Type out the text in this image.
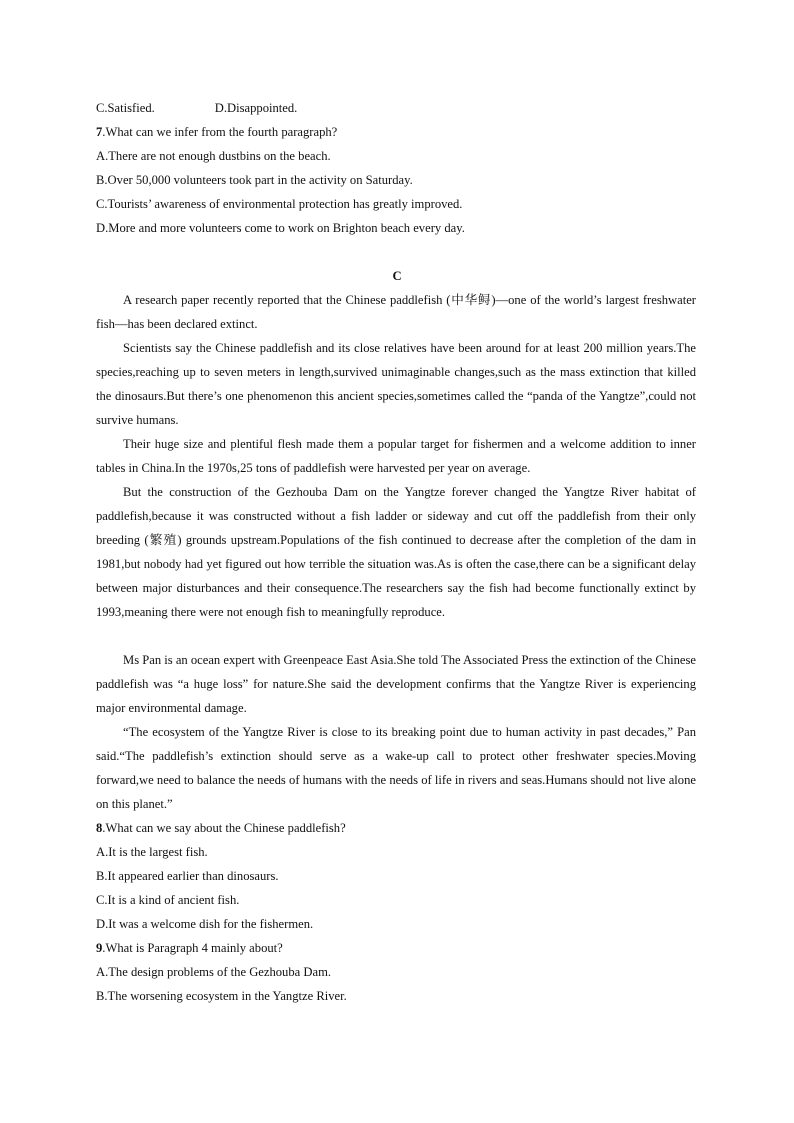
C.Satisfied.	D.Disappointed.
7.What can we infer from the fourth paragraph?
A.There are not enough dustbins on the beach.
B.Over 50,000 volunteers took part in the activity on Saturday.
C.Tourists’ awareness of environmental protection has greatly improved.
D.More and more volunteers come to work on Brighton beach every day.
C
A research paper recently reported that the Chinese paddlefish (中华鲟)—one of the world’s largest freshwater fish—has been declared extinct.
Scientists say the Chinese paddlefish and its close relatives have been around for at least 200 million years.The species,reaching up to seven meters in length,survived unimaginable changes,such as the mass extinction that killed the dinosaurs.But there’s one phenomenon this ancient species,sometimes called the “panda of the Yangtze”,could not survive humans.
Their huge size and plentiful flesh made them a popular target for fishermen and a welcome addition to inner tables in China.In the 1970s,25 tons of paddlefish were harvested per year on average.
But the construction of the Gezhouba Dam on the Yangtze forever changed the Yangtze River habitat of paddlefish,because it was constructed without a fish ladder or sideway and cut off the paddlefish from their only breeding (繁殖) grounds upstream.Populations of the fish continued to decrease after the completion of the dam in 1981,but nobody had yet figured out how terrible the situation was.As is often the case,there can be a significant delay between major disturbances and their consequence.The researchers say the fish had become functionally extinct by 1993,meaning there were not enough fish to meaningfully reproduce.
Ms Pan is an ocean expert with Greenpeace East Asia.She told The Associated Press the extinction of the Chinese paddlefish was “a huge loss” for nature.She said the development confirms that the Yangtze River is experiencing major environmental damage.
“The ecosystem of the Yangtze River is close to its breaking point due to human activity in past decades,” Pan said.“The paddlefish’s extinction should serve as a wake-up call to protect other freshwater species.Moving forward,we need to balance the needs of humans with the needs of life in rivers and seas.Humans should not live alone on this planet.”
8.What can we say about the Chinese paddlefish?
A.It is the largest fish.
B.It appeared earlier than dinosaurs.
C.It is a kind of ancient fish.
D.It was a welcome dish for the fishermen.
9.What is Paragraph 4 mainly about?
A.The design problems of the Gezhouba Dam.
B.The worsening ecosystem in the Yangtze River.
